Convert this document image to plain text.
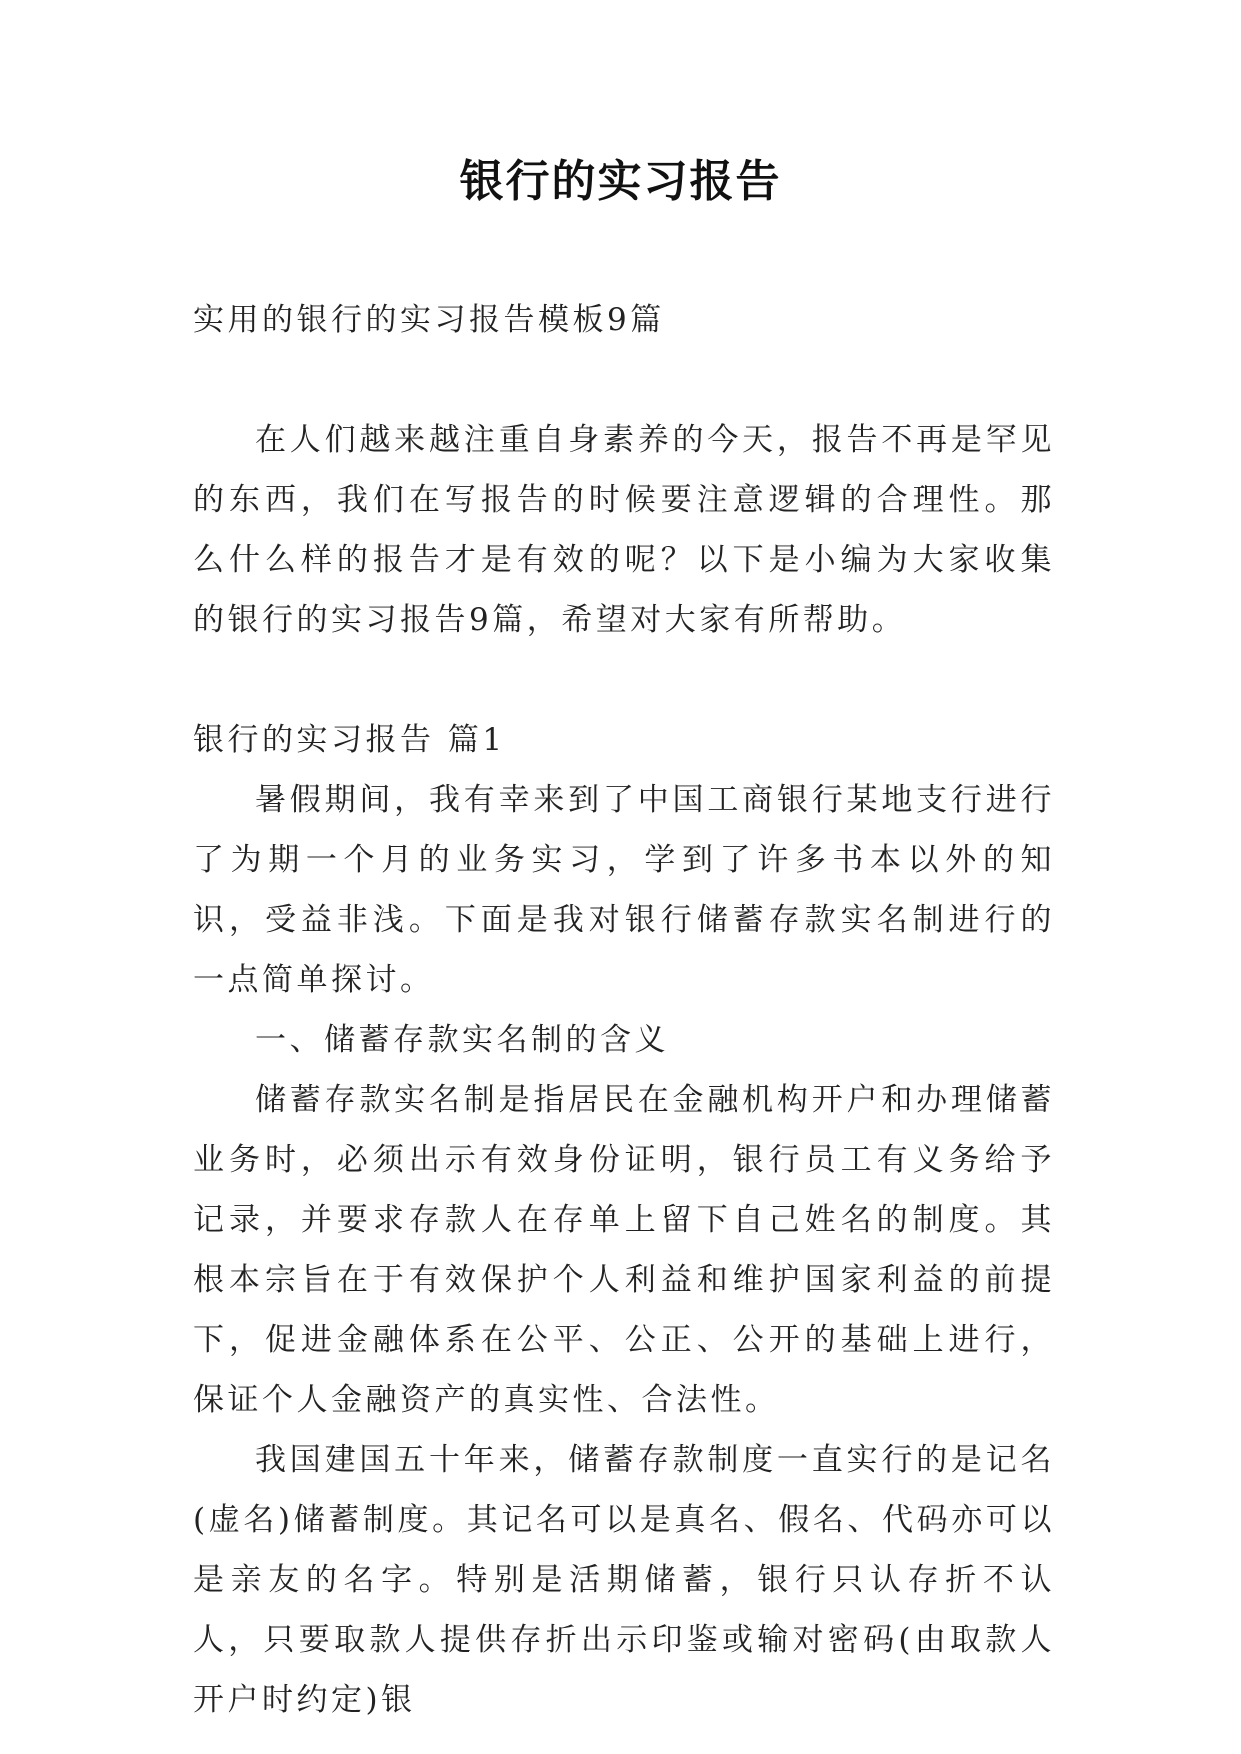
银行的实习报告

实用的银行的实习报告模板9篇

在人们越来越注重自身素养的今天，报告不再是罕见的东西，我们在写报告的时候要注意逻辑的合理性。那么什么样的报告才是有效的呢？以下是小编为大家收集的银行的实习报告9篇，希望对大家有所帮助。

银行的实习报告 篇1

暑假期间，我有幸来到了中国工商银行某地支行进行了为期一个月的业务实习，学到了许多书本以外的知识，受益非浅。下面是我对银行储蓄存款实名制进行的一点简单探讨。

一、储蓄存款实名制的含义

储蓄存款实名制是指居民在金融机构开户和办理储蓄业务时，必须出示有效身份证明，银行员工有义务给予记录，并要求存款人在存单上留下自己姓名的制度。其根本宗旨在于有效保护个人利益和维护国家利益的前提下，促进金融体系在公平、公正、公开的基础上进行，保证个人金融资产的真实性、合法性。

我国建国五十年来，储蓄存款制度一直实行的是记名(虚名)储蓄制度。其记名可以是真名、假名、代码亦可以是亲友的名字。特别是活期储蓄，银行只认存折不认人，只要取款人提供存折出示印鉴或输对密码(由取款人开户时约定)银
